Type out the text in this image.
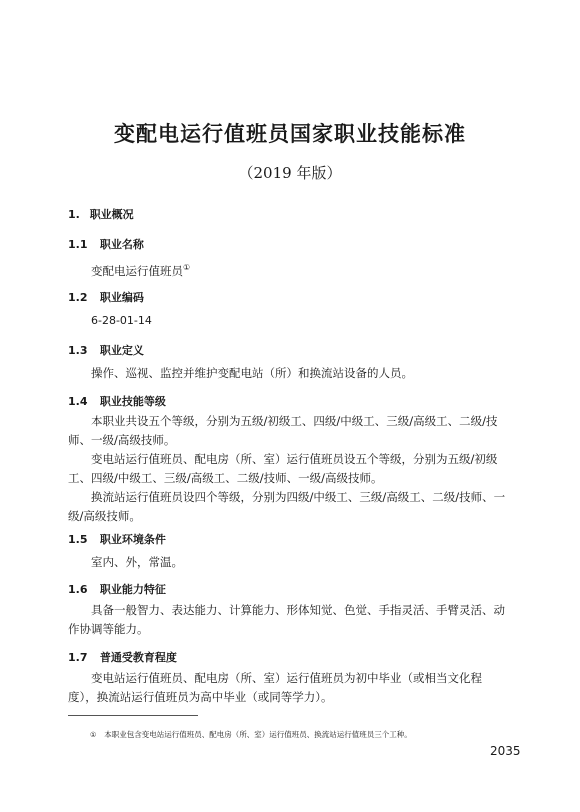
变配电运行值班员国家职业技能标准
（2019 年版）
1. 职业概况
1.1 职业名称
变配电运行值班员①
1.2 职业编码
6-28-01-14
1.3 职业定义
操作、巡视、监控并维护变配电站（所）和换流站设备的人员。
1.4 职业技能等级
本职业共设五个等级，分别为五级/初级工、四级/中级工、三级/高级工、二级/技师、一级/高级技师。
变电站运行值班员、配电房（所、室）运行值班员设五个等级，分别为五级/初级工、四级/中级工、三级/高级工、二级/技师、一级/高级技师。
换流站运行值班员设四个等级，分别为四级/中级工、三级/高级工、二级/技师、一级/高级技师。
1.5 职业环境条件
室内、外，常温。
1.6 职业能力特征
具备一般智力、表达能力、计算能力、形体知觉、色觉、手指灵活、手臂灵活、动作协调等能力。
1.7 普通受教育程度
变电站运行值班员、配电房（所、室）运行值班员为初中毕业（或相当文化程度），换流站运行值班员为高中毕业（或同等学力）。
① 本职业包含变电站运行值班员、配电房（所、室）运行值班员、换流站运行值班员三个工种。
2035
